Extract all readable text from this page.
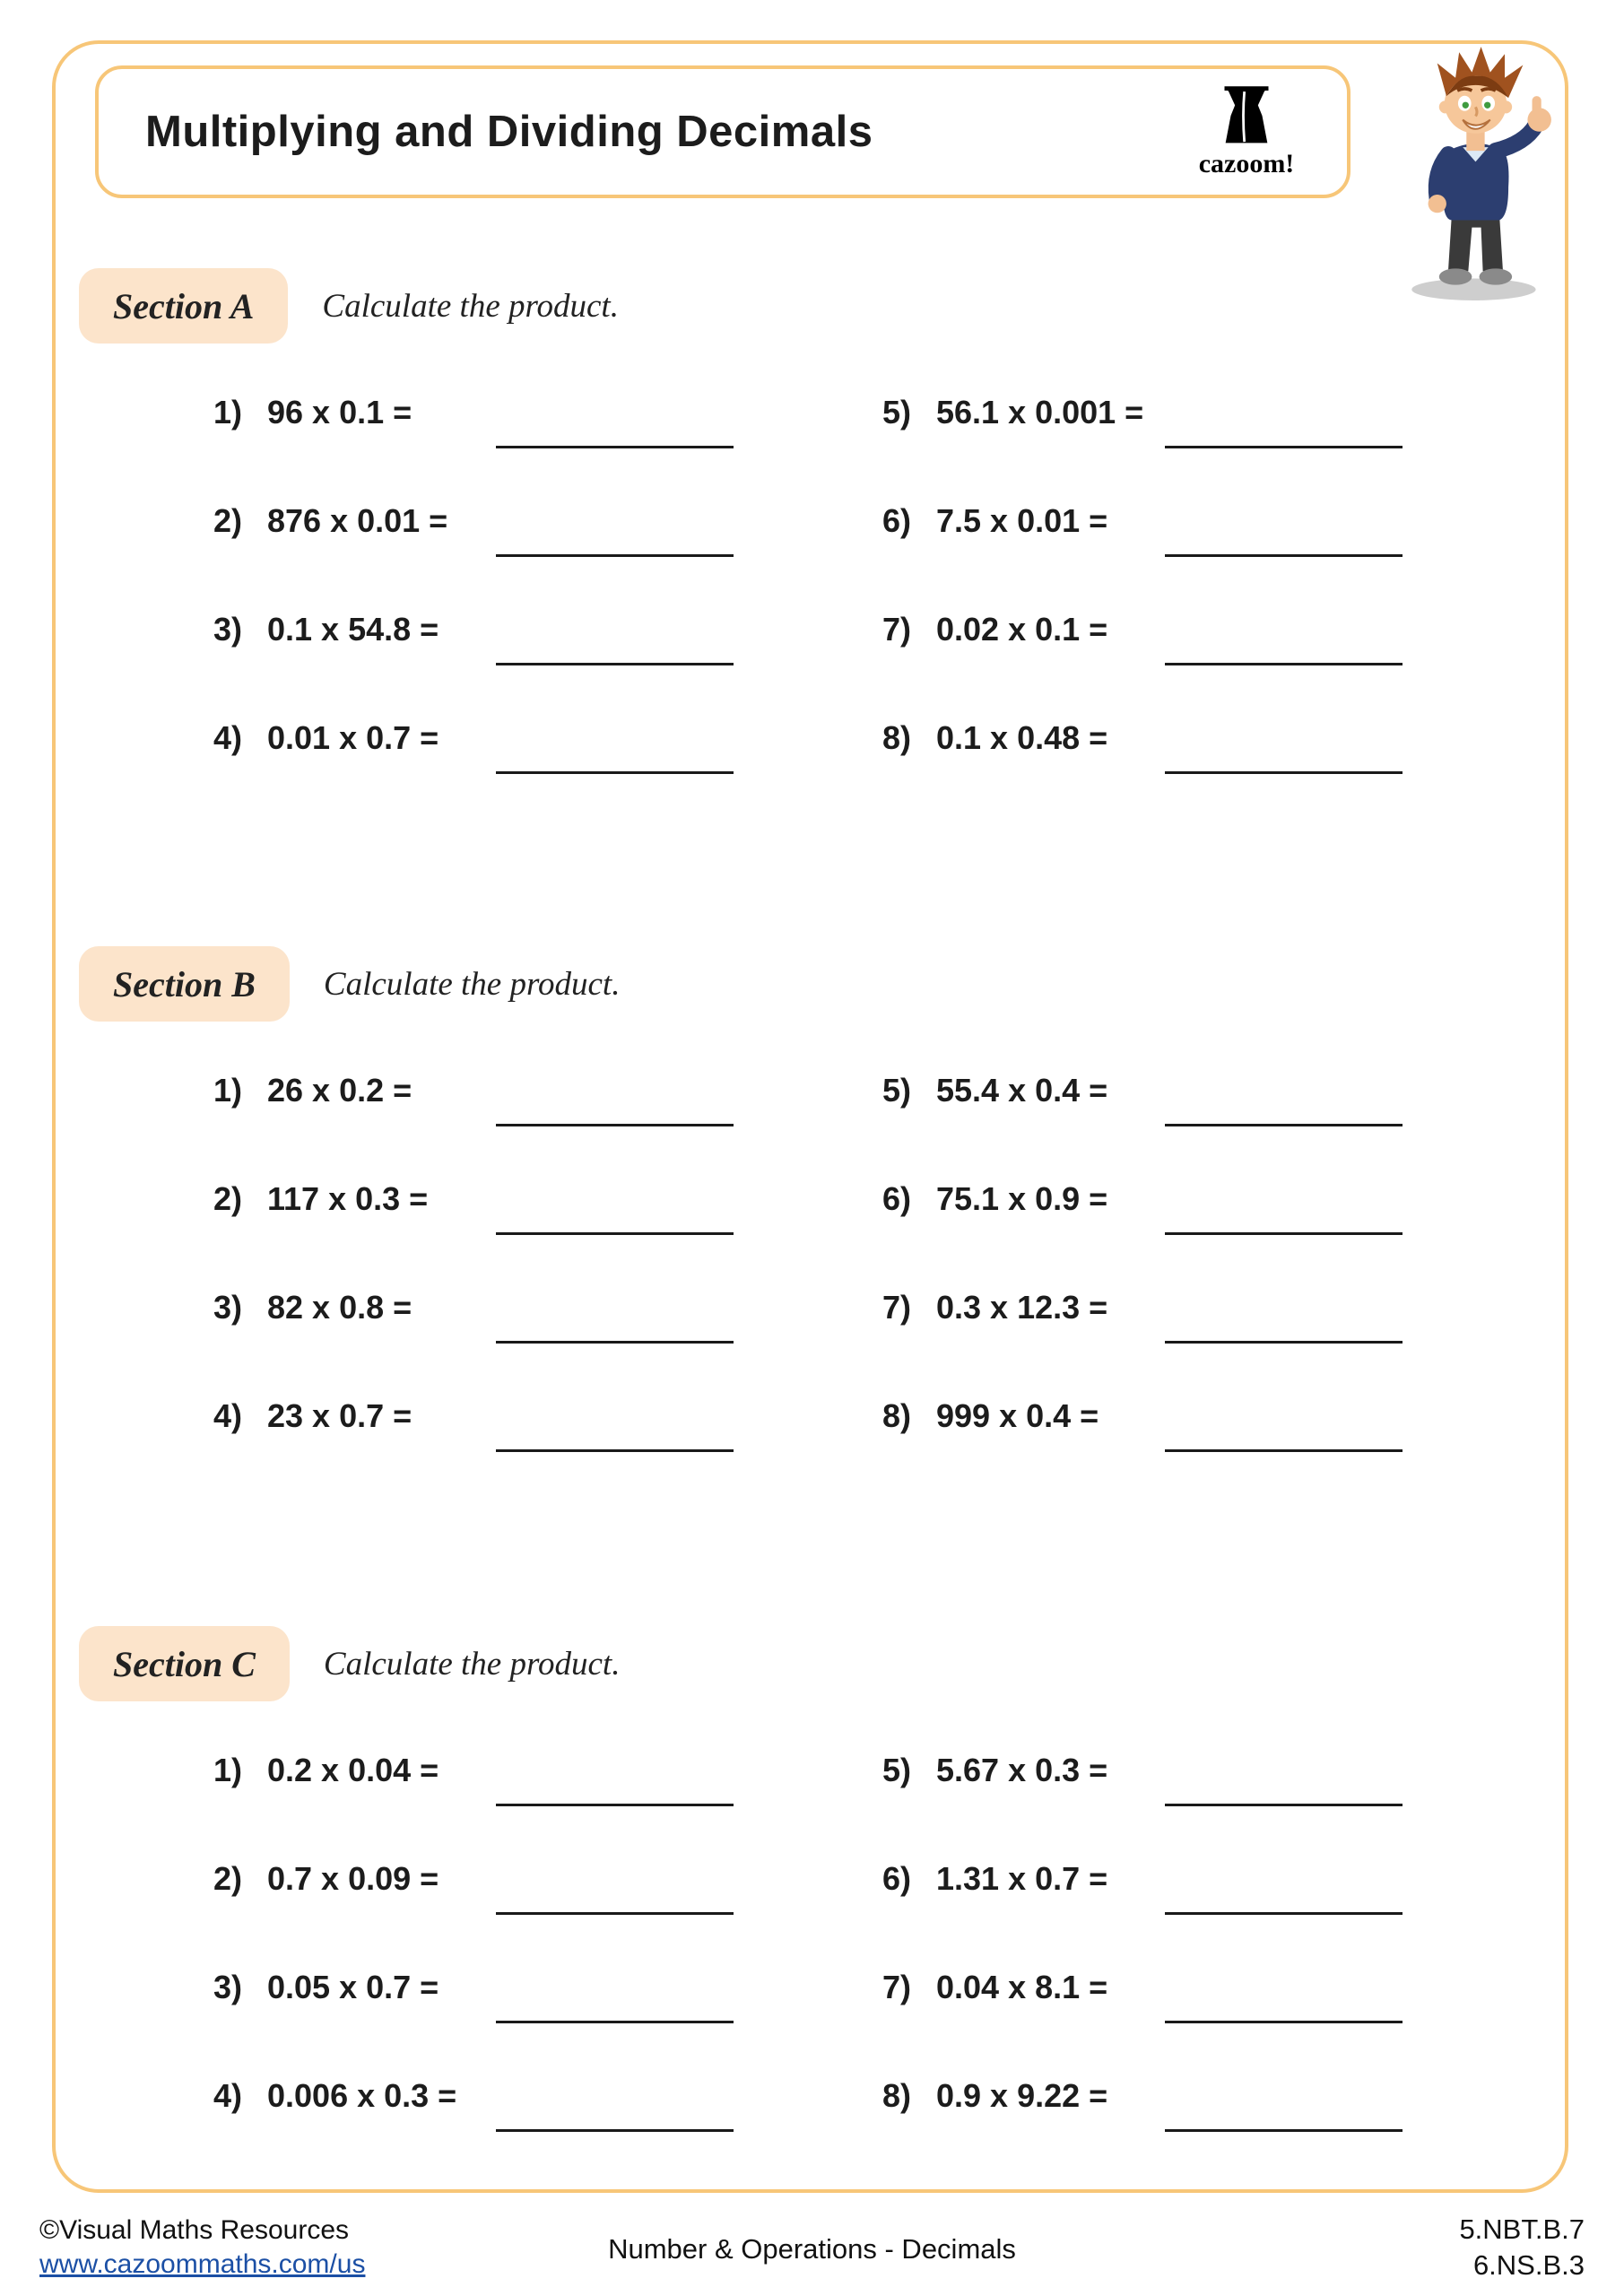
Multiplying and Dividing Decimals
cazoom!
Section A	Calculate the product.
1) 96 x 0.1 =
2) 876 x 0.01 =
3) 0.1 x 54.8 =
4) 0.01 x 0.7 =
5) 56.1 x 0.001 =
6) 7.5 x 0.01 =
7) 0.02 x 0.1 =
8) 0.1 x 0.48 =
Section B	Calculate the product.
1) 26 x 0.2 =
2) 117 x 0.3 =
3) 82 x 0.8 =
4) 23 x 0.7 =
5) 55.4 x 0.4 =
6) 75.1 x 0.9 =
7) 0.3 x 12.3 =
8) 999 x 0.4 =
Section C	Calculate the product.
1) 0.2 x 0.04 =
2) 0.7 x 0.09 =
3) 0.05 x 0.7 =
4) 0.006 x 0.3 =
5) 5.67 x 0.3 =
6) 1.31 x 0.7 =
7) 0.04 x 8.1 =
8) 0.9 x 9.22 =
©Visual Maths Resources
www.cazoommaths.com/us	Number & Operations - Decimals
5.NBT.B.7
6.NS.B.3
